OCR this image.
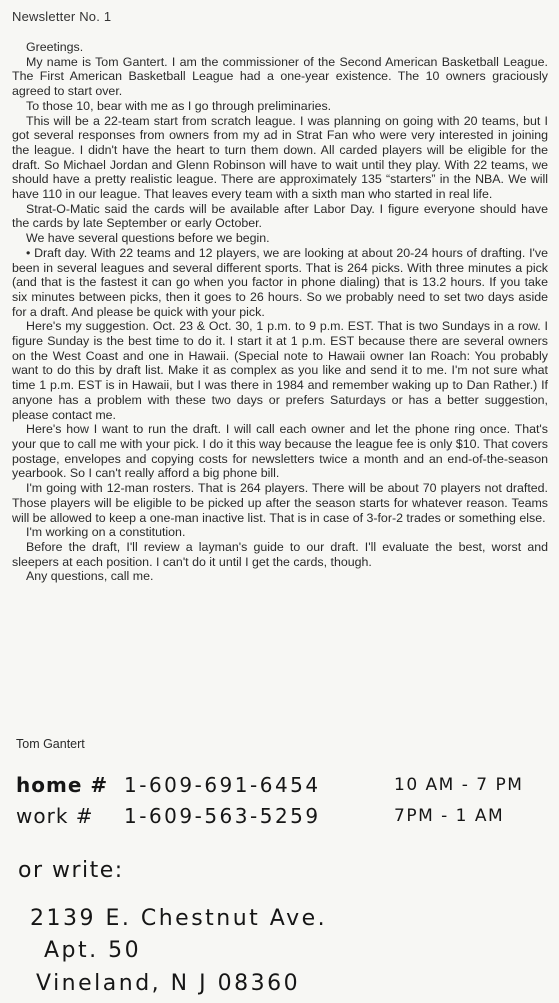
Newsletter No. 1

Greetings.

My name is Tom Gantert. I am the commissioner of the Second American Basketball League. The First American Basketball League had a one-year existence. The 10 owners graciously agreed to start over.

To those 10, bear with me as I go through preliminaries.

This will be a 22-team start from scratch league. I was planning on going with 20 teams, but I got several responses from owners from my ad in Strat Fan who were very interested in joining the league. I didn't have the heart to turn them down. All carded players will be eligible for the draft. So Michael Jordan and Glenn Robinson will have to wait until they play. With 22 teams, we should have a pretty realistic league. There are approximately 135 “starters” in the NBA. We will have 110 in our league. That leaves every team with a sixth man who started in real life.

Strat-O-Matic said the cards will be available after Labor Day. I figure everyone should have the cards by late September or early October.

We have several questions before we begin.

• Draft day. With 22 teams and 12 players, we are looking at about 20-24 hours of drafting. I've been in several leagues and several different sports. That is 264 picks. With three minutes a pick (and that is the fastest it can go when you factor in phone dialing) that is 13.2 hours. If you take six minutes between picks, then it goes to 26 hours. So we probably need to set two days aside for a draft. And please be quick with your pick.

Here's my suggestion. Oct. 23 & Oct. 30, 1 p.m. to 9 p.m. EST. That is two Sundays in a row. I figure Sunday is the best time to do it. I start it at 1 p.m. EST because there are several owners on the West Coast and one in Hawaii. (Special note to Hawaii owner Ian Roach: You probably want to do this by draft list. Make it as complex as you like and send it to me. I'm not sure what time 1 p.m. EST is in Hawaii, but I was there in 1984 and remember waking up to Dan Rather.) If anyone has a problem with these two days or prefers Saturdays or has a better suggestion, please contact me.

Here's how I want to run the draft. I will call each owner and let the phone ring once. That's your que to call me with your pick. I do it this way because the league fee is only $10. That covers postage, envelopes and copying costs for newsletters twice a month and an end-of-the-season yearbook. So I can't really afford a big phone bill.

I'm going with 12-man rosters. That is 264 players. There will be about 70 players not drafted. Those players will be eligible to be picked up after the season starts for whatever reason. Teams will be allowed to keep a one-man inactive list. That is in case of 3-for-2 trades or something else.

I'm working on a constitution.

Before the draft, I'll review a layman's guide to our draft. I'll evaluate the best, worst and sleepers at each position. I can't do it until I get the cards, though.

Any questions, call me.

Tom Gantert
home # 1-609-691-6454	10 AM - 7 PM
work # 1-609-563-5259	7PM - 1 AM
or write:
2139 E. Chestnut Ave.
Apt. 50
Vineland, N J 08360
